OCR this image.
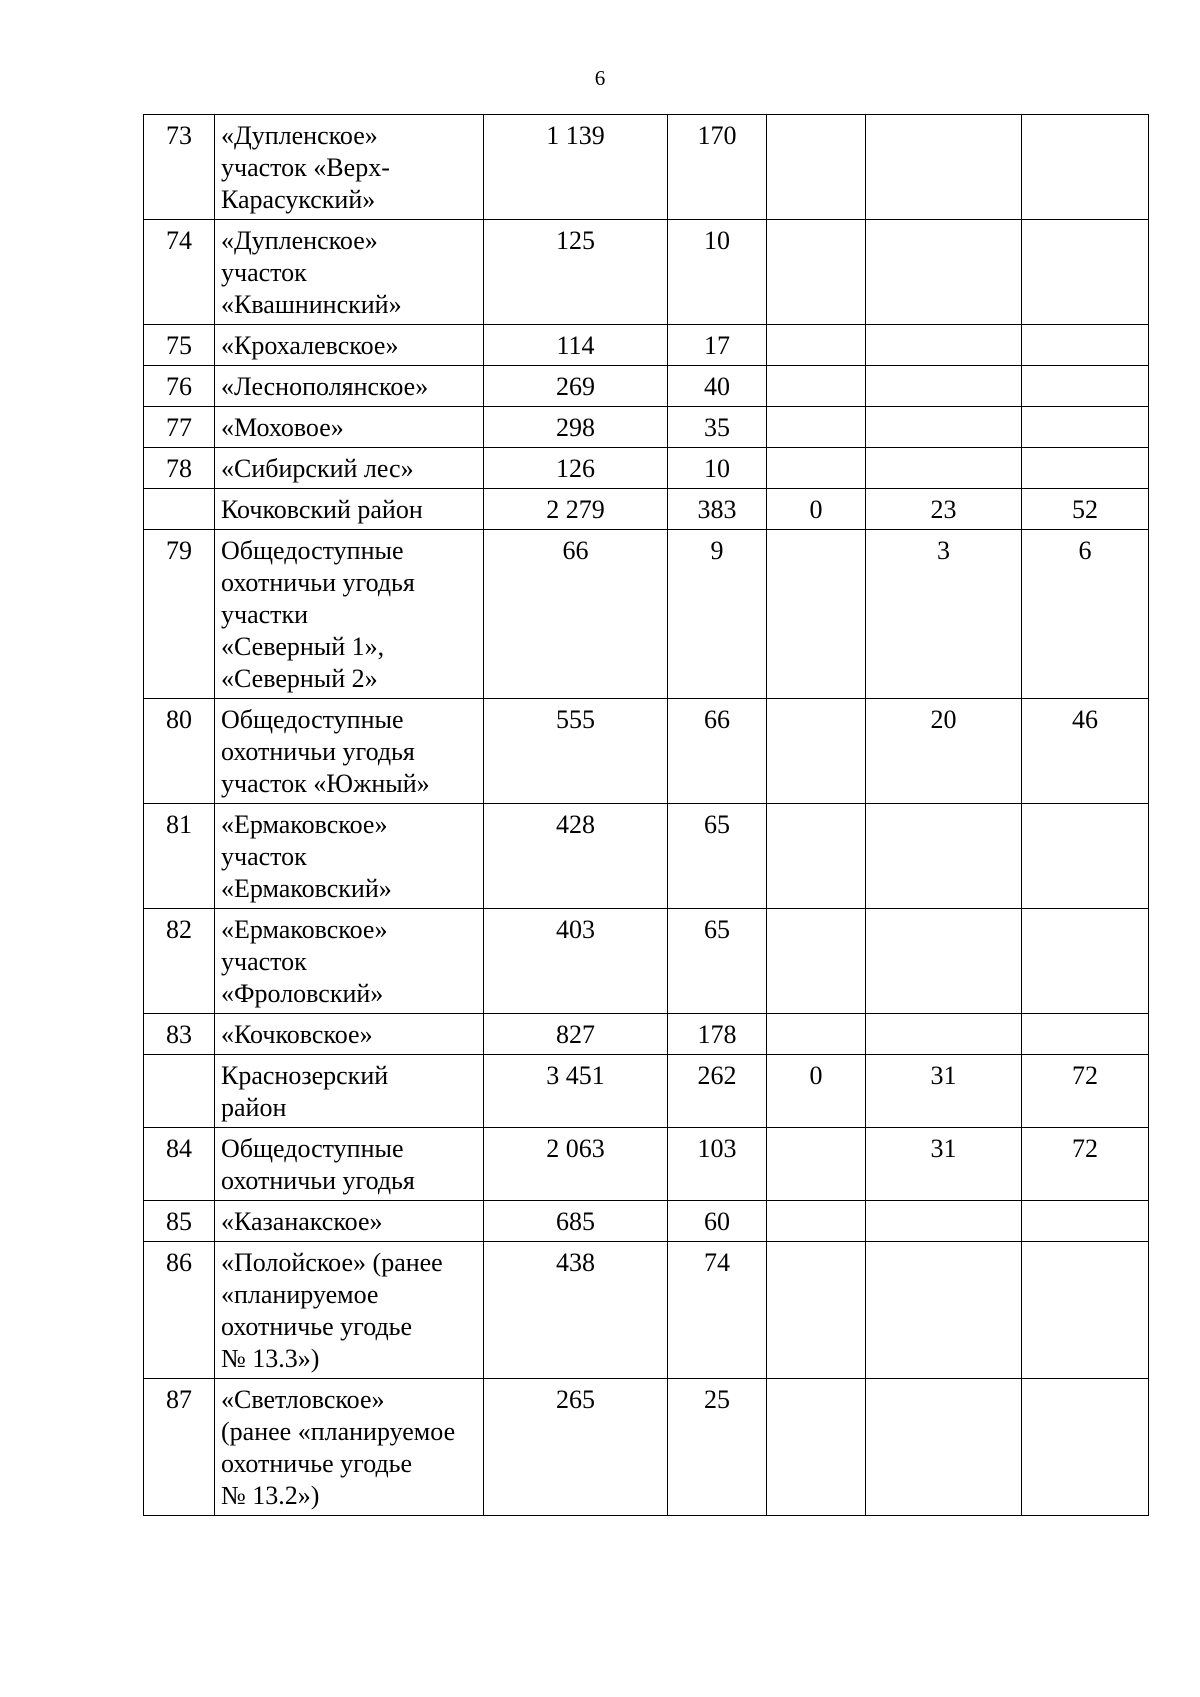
6
73	«Дупленское»
участок «Верх-
Карасукский»	1 139	170			
74	«Дупленское»
участок
«Квашнинский»	125	10			
75	«Крохалевское»	114	17			
76	«Леснополянское»	269	40			
77	«Моховое»	298	35			
78	«Сибирский лес»	126	10			

	Кочковский район	2 279	383	0	23	52
79	Общедоступные
охотничьи угодья
участки
«Северный 1»,
«Северный 2»	66	9		3	6
80	Общедоступные
охотничьи угодья
участок «Южный»	555	66		20	46
81	«Ермаковское»
участок
«Ермаковский»	428	65			
82	«Ермаковское»
участок
«Фроловский»	403	65			
83	«Кочковское»	827	178			

	Краснозерский
район	3 451	262	0	31	72
84	Общедоступные
охотничьи угодья	2 063	103		31	72
85	«Казанакское»	685	60			
86	«Полойское» (ранее
«планируемое
охотничье угодье
№ 13.3»)	438	74			
87	«Светловское»
(ранее «планируемое
охотничье угодье
№ 13.2»)	265	25			
